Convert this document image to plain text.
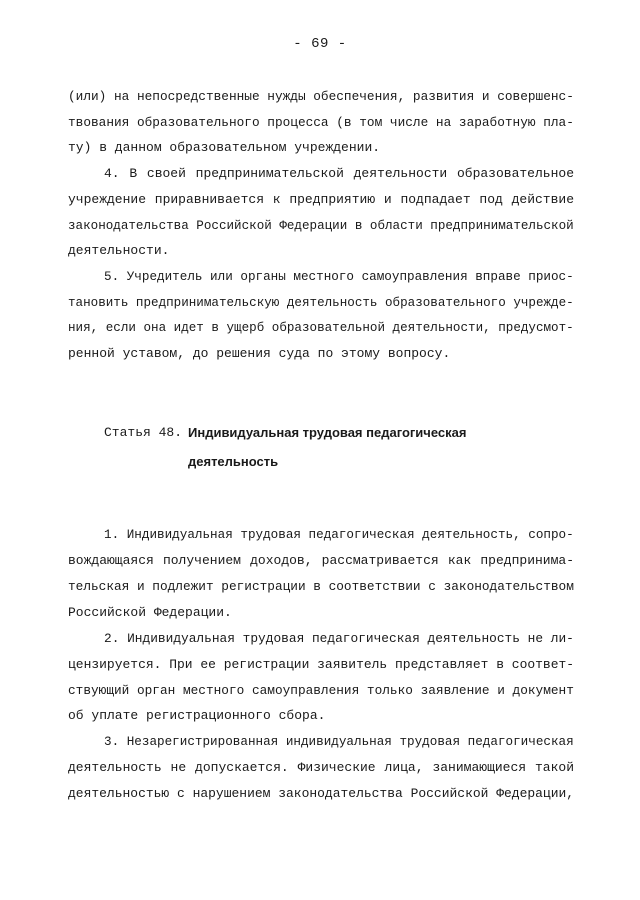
- 69 -
(или) на непосредственные нужды обеспечения, развития и совершенс-
твования образовательного процесса (в том числе на заработную пла-
ту) в данном образовательном учреждении.
4. В своей предпринимательской деятельности образовательное
учреждение приравнивается к предприятию и подпадает под действие
законодательства Российской Федерации в области предпринимательской
деятельности.
5. Учредитель или органы местного самоуправления вправе приос-
тановить предпринимательскую деятельность образовательного учрежде-
ния, если она идет в ущерб образовательной деятельности, предусмот-
ренной уставом, до решения суда по этому вопросу.
Статья 48. Индивидуальная трудовая педагогическая
деятельность
1. Индивидуальная трудовая педагогическая деятельность, сопро-
вождающаяся получением доходов, рассматривается как предпринима-
тельская и подлежит регистрации в соответствии с законодательством
Российской Федерации.
2. Индивидуальная трудовая педагогическая деятельность не ли-
цензируется. При ее регистрации заявитель представляет в соответ-
ствующий орган местного самоуправления только заявление и документ
об уплате регистрационного сбора.
3. Незарегистрированная индивидуальная трудовая педагогическая
деятельность не допускается. Физические лица, занимающиеся такой
деятельностью с нарушением законодательства Российской Федерации,
